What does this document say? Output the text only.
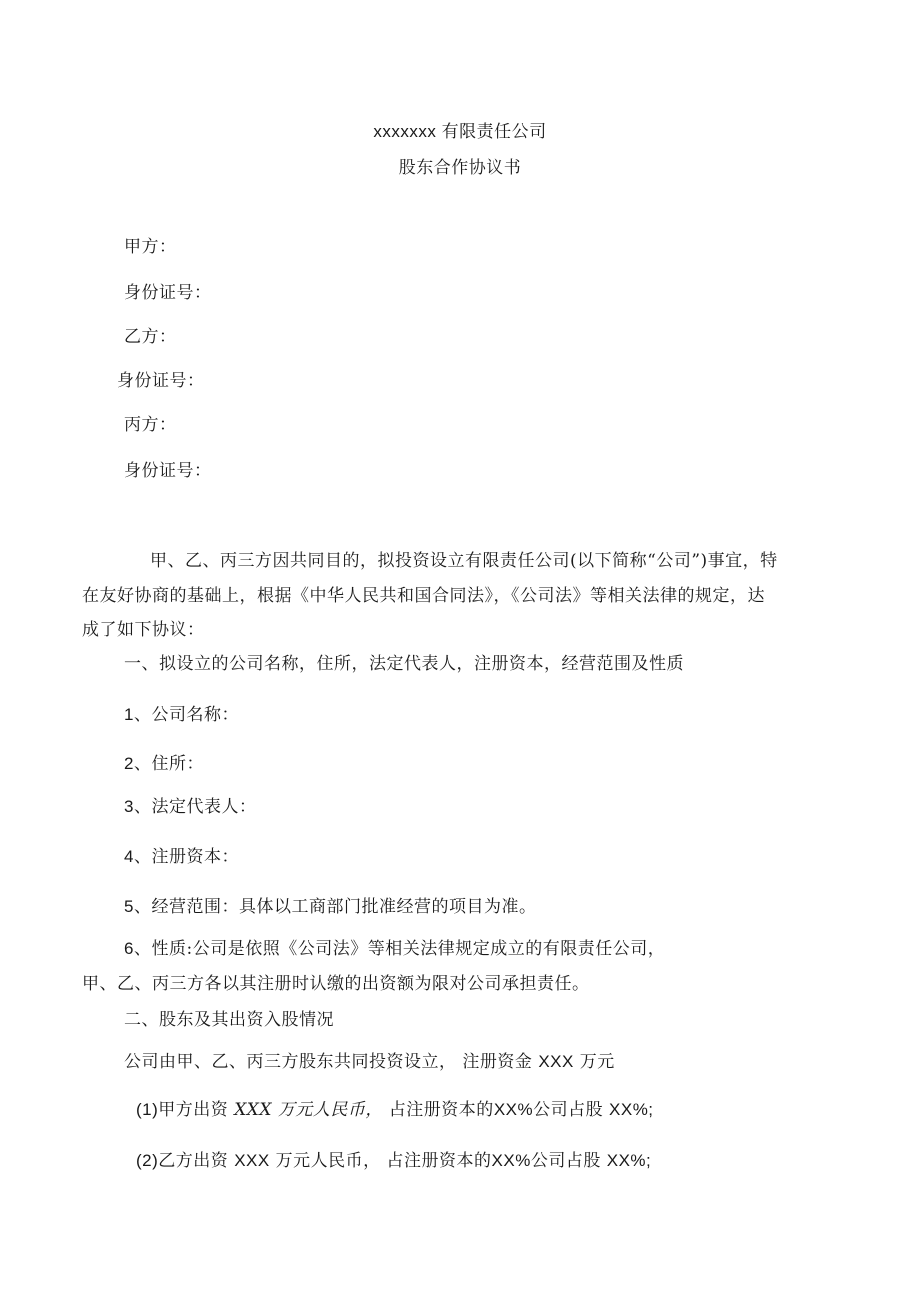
xxxxxxx 有限责任公司
股东合作协议书
甲方：
身份证号：
乙方：
身份证号：
丙方：
身份证号：
甲、乙、丙三方因共同目的，拟投资设立有限责任公司(以下简称“公司”)事宜，特
在友好协商的基础上，根据《中华人民共和国合同法》，《公司法》等相关法律的规定，达
成了如下协议：
一、拟设立的公司名称，住所，法定代表人，注册资本，经营范围及性质
1、公司名称：
2、住所：
3、法定代表人：
4、注册资本：
5、经营范围：具体以工商部门批准经营的项目为准。
6、性质:公司是依照《公司法》等相关法律规定成立的有限责任公司，
甲、乙、丙三方各以其注册时认缴的出资额为限对公司承担责任。
二、股东及其出资入股情况
公司由甲、乙、丙三方股东共同投资设立， 注册资金 XXX 万元
(1)甲方出资 XXX 万元人民币， 占注册资本的XX%公司占股 XX%;
(2)乙方出资 XXX 万元人民币， 占注册资本的XX%公司占股 XX%;
